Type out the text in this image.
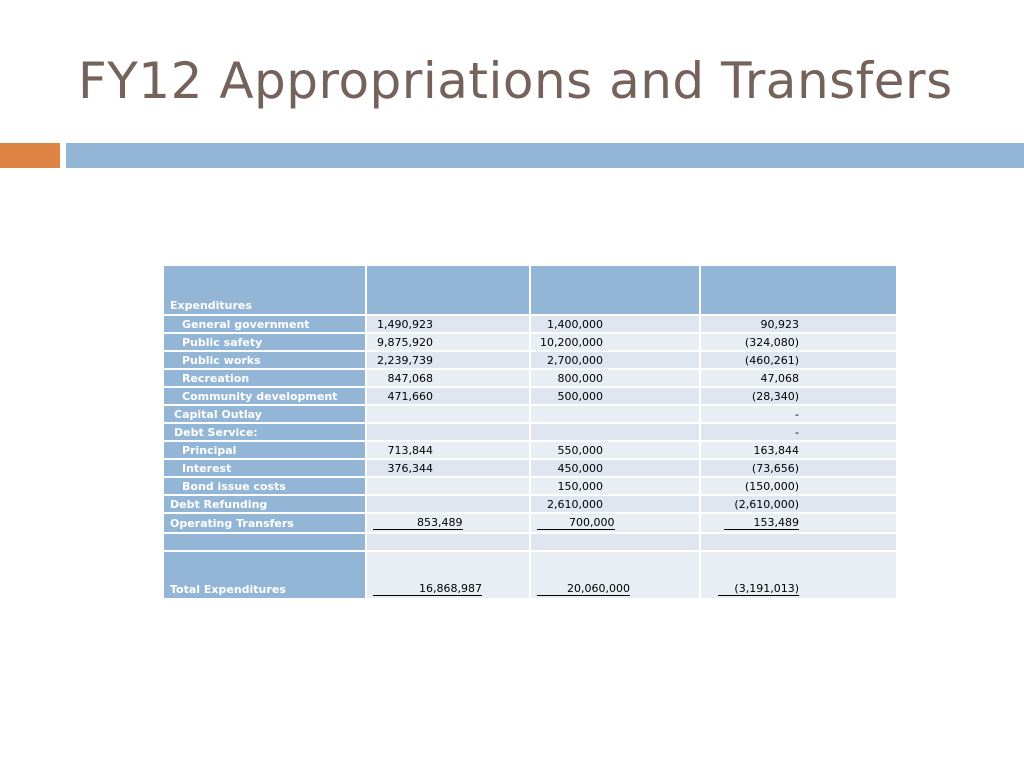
FY12 Appropriations and Transfers
Expenditures			
General government	1,490,923	1,400,000	90,923
Public safety	9,875,920	10,200,000	(324,080)
Public works	2,239,739	2,700,000	(460,261)
Recreation	847,068	800,000	47,068
Community development	471,660	500,000	(28,340)
Capital Outlay			-
Debt Service:			-
Principal	713,844	550,000	163,844
Interest	376,344	450,000	(73,656)
Bond issue costs		150,000	(150,000)
Debt Refunding		2,610,000	(2,610,000)
Operating Transfers	853,489	700,000	153,489

Total Expenditures	16,868,987	20,060,000	(3,191,013)
